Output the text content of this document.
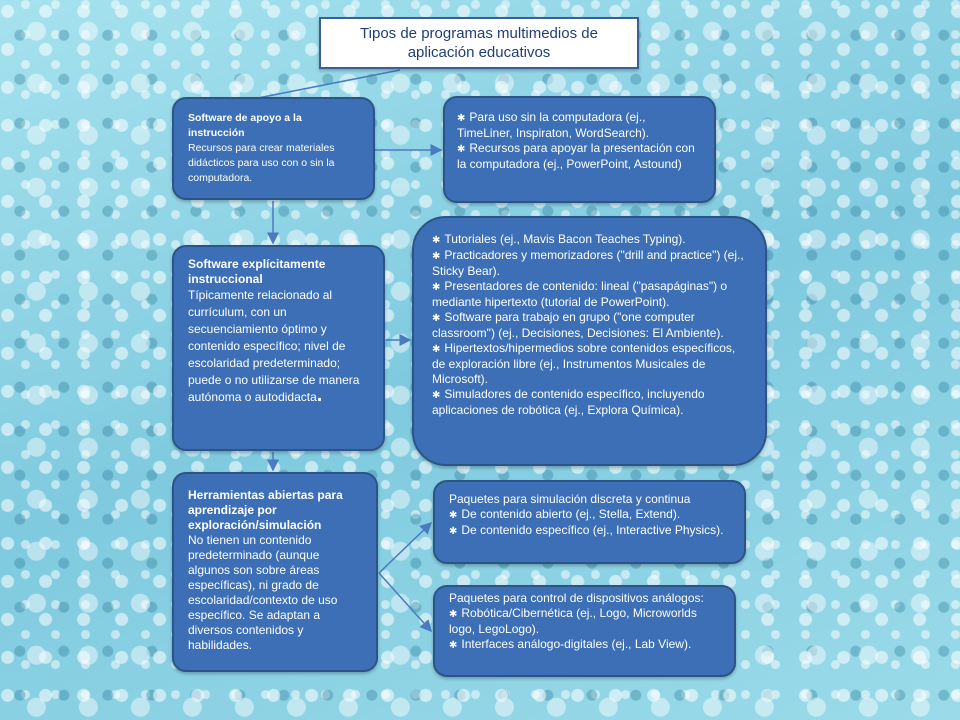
Tipos de programas multimedios de aplicación educativos
Software de apoyo a la
instrucción
Recursos para crear materiales didácticos para uso con o sin la computadora.
✱ Para uso sin la computadora (ej., TimeLiner, Inspiraton, WordSearch).
✱ Recursos para apoyar la presentación con la computadora (ej., PowerPoint, Astound)
Software explícitamente instruccional
Típicamente relacionado al currículum, con un secuenciamiento óptimo y contenido específico; nivel de escolaridad predeterminado; puede o no utilizarse de manera autónoma o autodidacta.
✱ Tutoriales (ej., Mavis Bacon Teaches Typing).
✱ Practicadores y memorizadores ("drill and practice") (ej., Sticky Bear).
✱ Presentadores de contenido: lineal ("pasapáginas") o mediante hipertexto (tutorial de PowerPoint).
✱ Software para trabajo en grupo ("one computer classroom") (ej., Decisiones, Decisiones: El Ambiente).
✱ Hipertextos/hipermedios sobre contenidos específicos, de exploración libre (ej., Instrumentos Musicales de Microsoft).
✱ Simuladores de contenido específico, incluyendo aplicaciones de robótica (ej., Explora Química).
Herramientas abiertas para aprendizaje por exploración/simulación
No tienen un contenido predeterminado (aunque algunos son sobre áreas específicas), ni grado de escolaridad/contexto de uso específico. Se adaptan a diversos contenidos y habilidades.
Paquetes para simulación discreta y continua
✱ De contenido abierto (ej., Stella, Extend).
✱ De contenido específico (ej., Interactive Physics).
Paquetes para control de dispositivos análogos:
✱ Robótica/Cibernética (ej., Logo, Microworlds logo, LegoLogo).
✱ Interfaces análogo-digitales (ej., Lab View).
